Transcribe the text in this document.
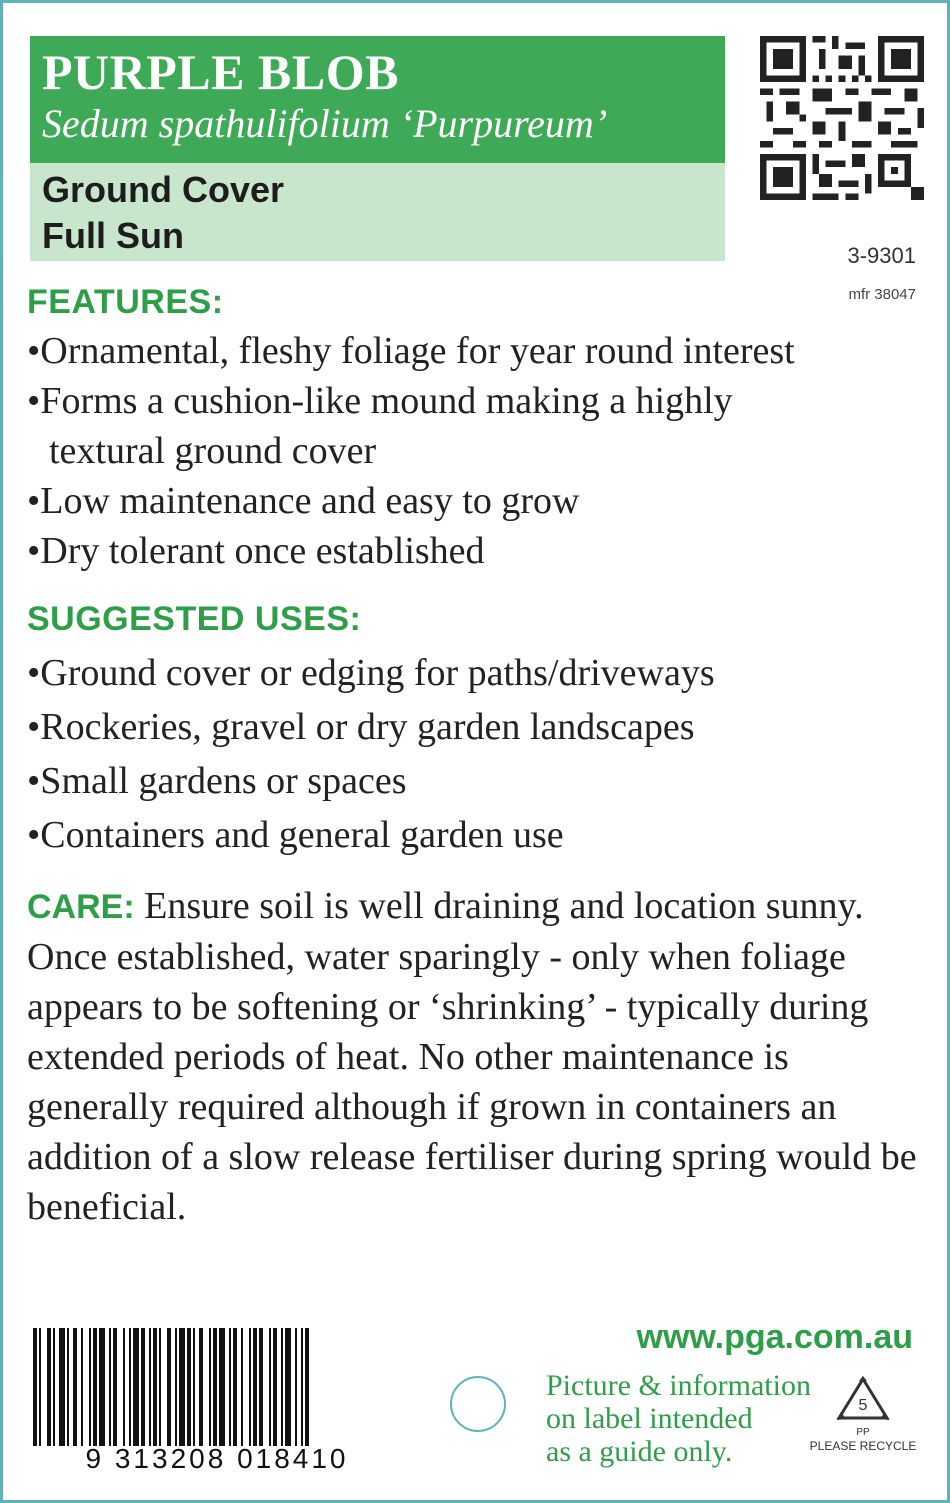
PURPLE BLOB
Sedum spathulifolium ‘Purpureum’
Ground Cover
Full Sun	3-9301
mfr 38047
FEATURES:
•Ornamental, fleshy foliage for year round interest
•Forms a cushion-like mound making a highly
textural ground cover
•Low maintenance and easy to grow
•Dry tolerant once established
SUGGESTED USES:
•Ground cover or edging for paths/driveways
•Rockeries, gravel or dry garden landscapes
•Small gardens or spaces
•Containers and general garden use
CARE: Ensure soil is well draining and location sunny. Once established, water sparingly - only when foliage appears to be softening or ‘shrinking’ - typically during extended periods of heat. No other maintenance is generally required although if grown in containers an addition of a slow release fertiliser during spring would be beneficial.
9 313208 018410
www.pga.com.au
Picture & information
on label intended
as a guide only.
5
PP
PLEASE RECYCLE
